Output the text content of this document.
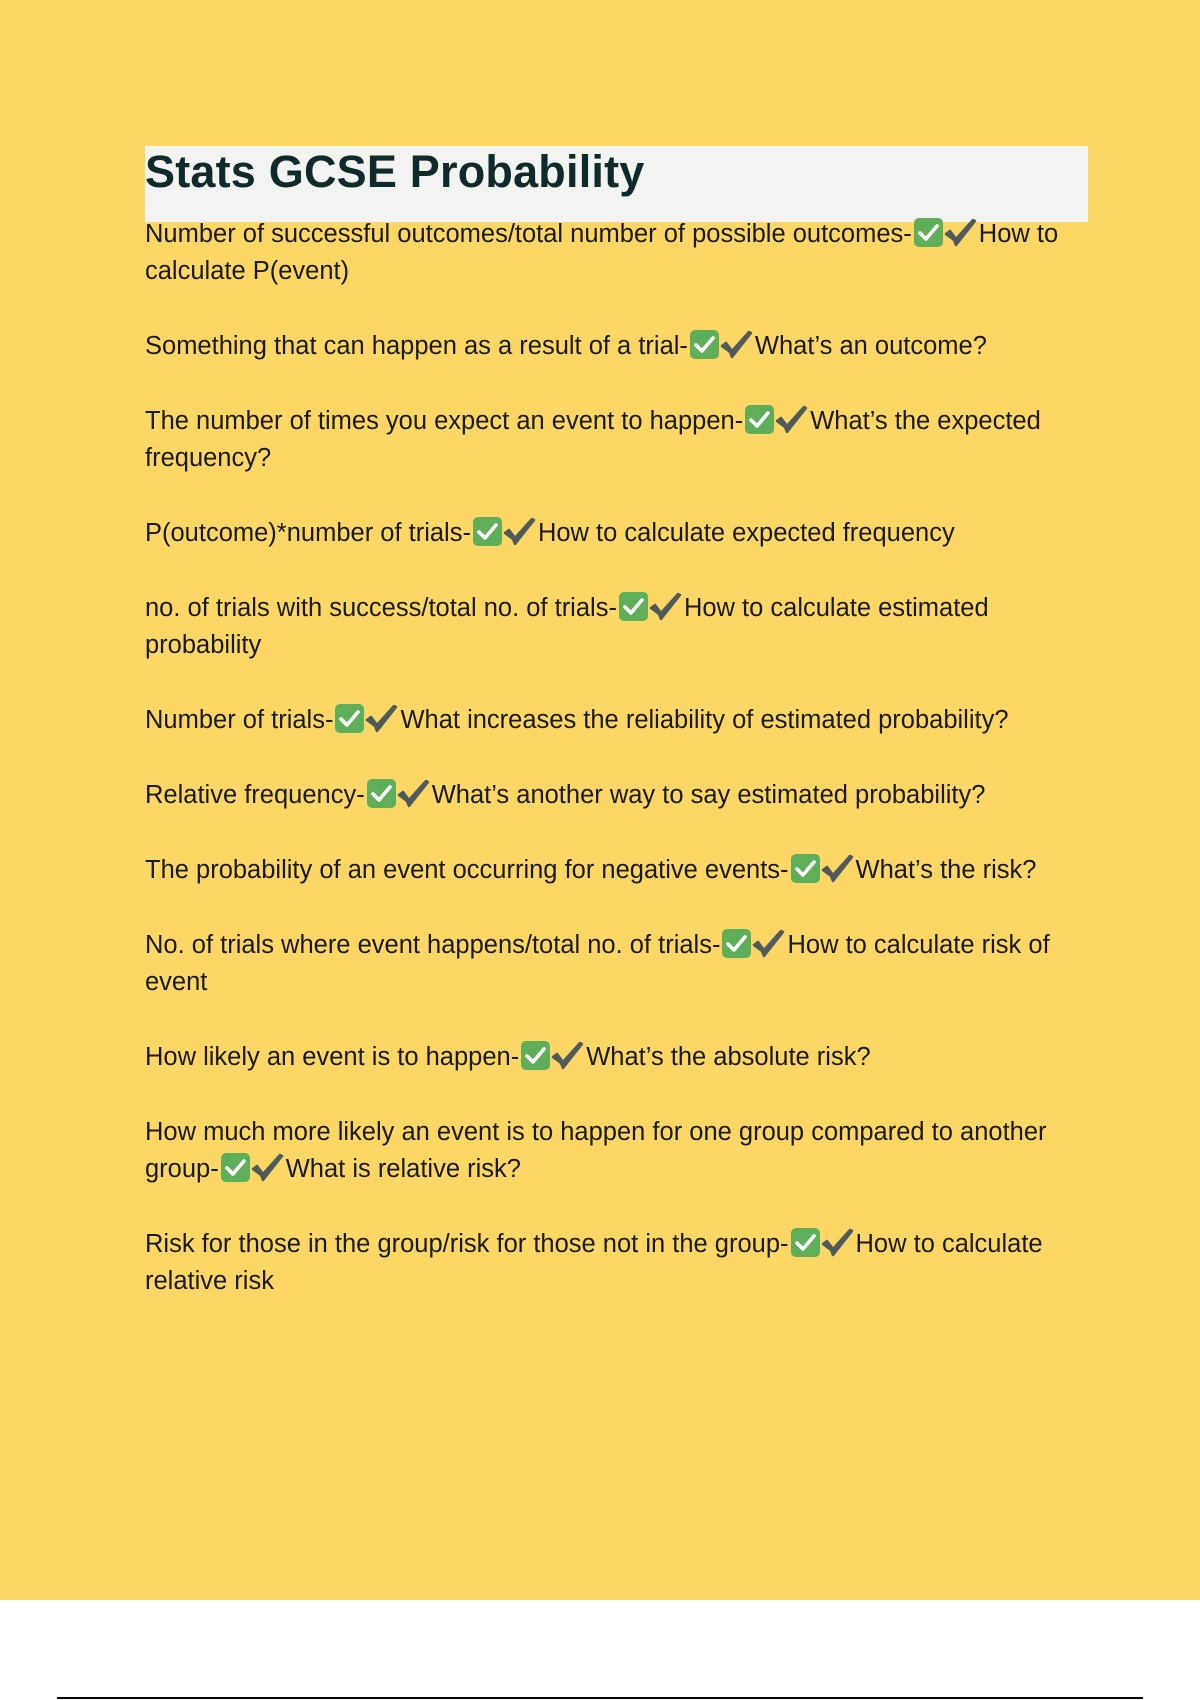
Stats GCSE Probability

Number of successful outcomes/total number of possible outcomes-	How to calculate P(event)

Something that can happen as a result of a trial-	What’s an outcome?

The number of times you expect an event to happen-	What’s the expected frequency?

P(outcome)*number of trials-	How to calculate expected frequency

no. of trials with success/total no. of trials-	How to calculate estimated probability

Number of trials-	What increases the reliability of estimated probability?

Relative frequency-	What’s another way to say estimated probability?

The probability of an event occurring for negative events-	What’s the risk?

No. of trials where event happens/total no. of trials-	How to calculate risk of event

How likely an event is to happen-	What’s the absolute risk?

How much more likely an event is to happen for one group compared to another group-	What is relative risk?

Risk for those in the group/risk for those not in the group-	How to calculate relative risk
